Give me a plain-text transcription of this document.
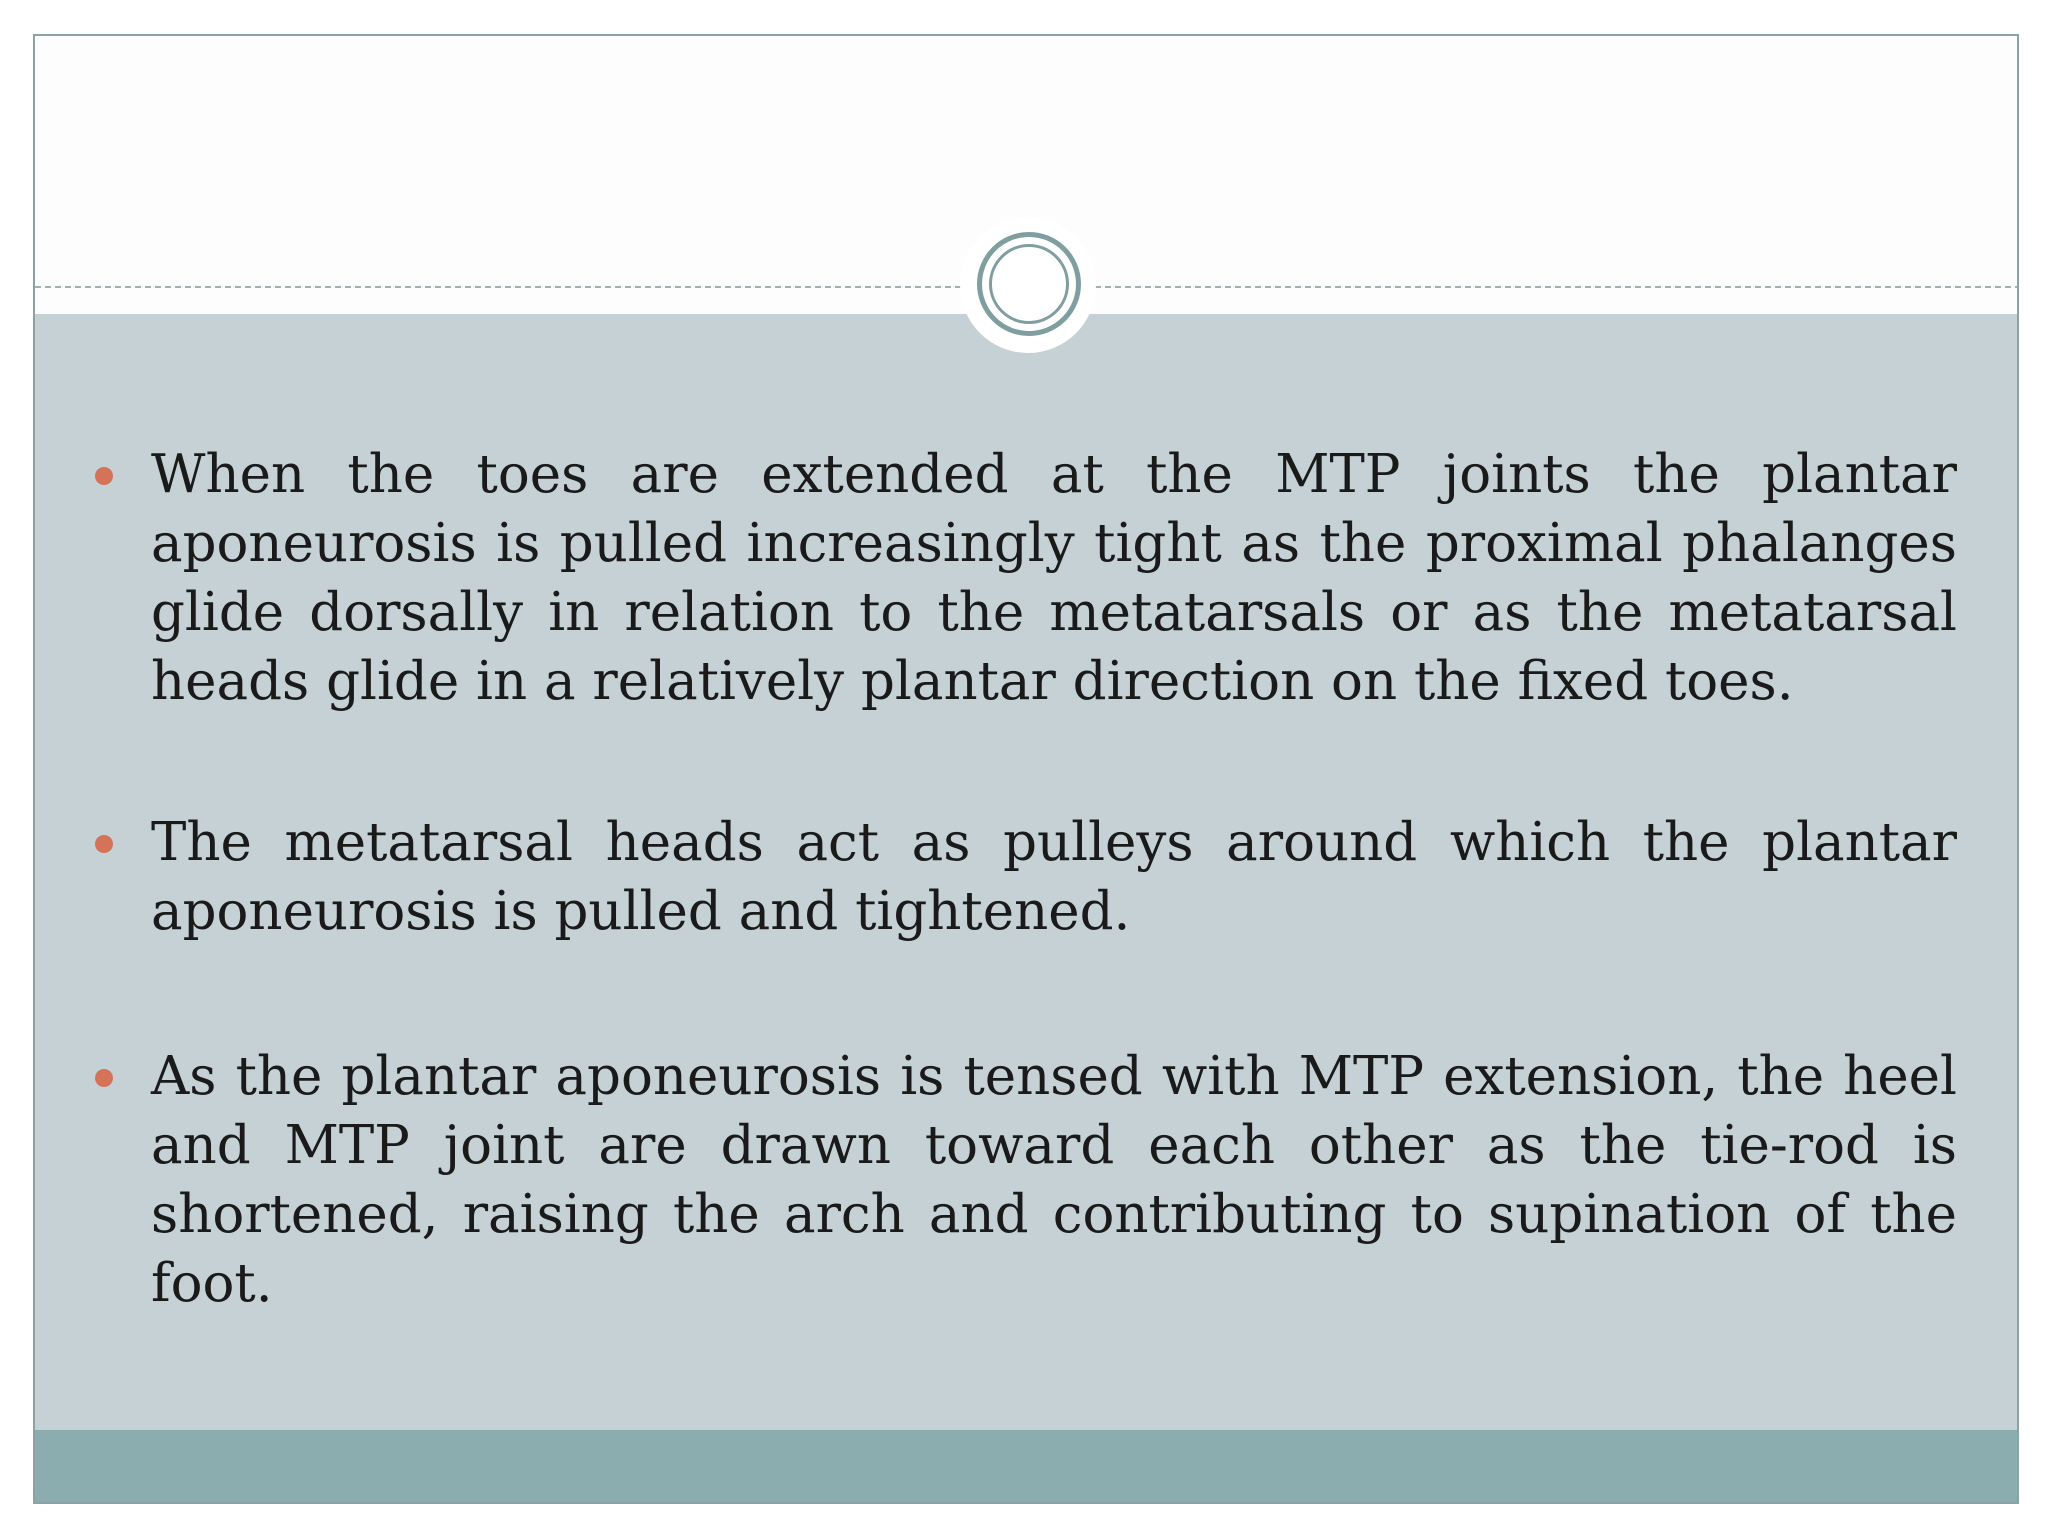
When the toes are extended at the MTP joints the plantar aponeurosis is pulled increasingly tight as the proximal phalanges glide dorsally in relation to the metatarsals or as the metatarsal heads glide in a relatively plantar direction on the fixed toes.

The metatarsal heads act as pulleys around which the plantar aponeurosis is pulled and tightened.

As the plantar aponeurosis is tensed with MTP extension, the heel and MTP joint are drawn toward each other as the tie-rod is shortened, raising the arch and contributing to supination of the foot.
